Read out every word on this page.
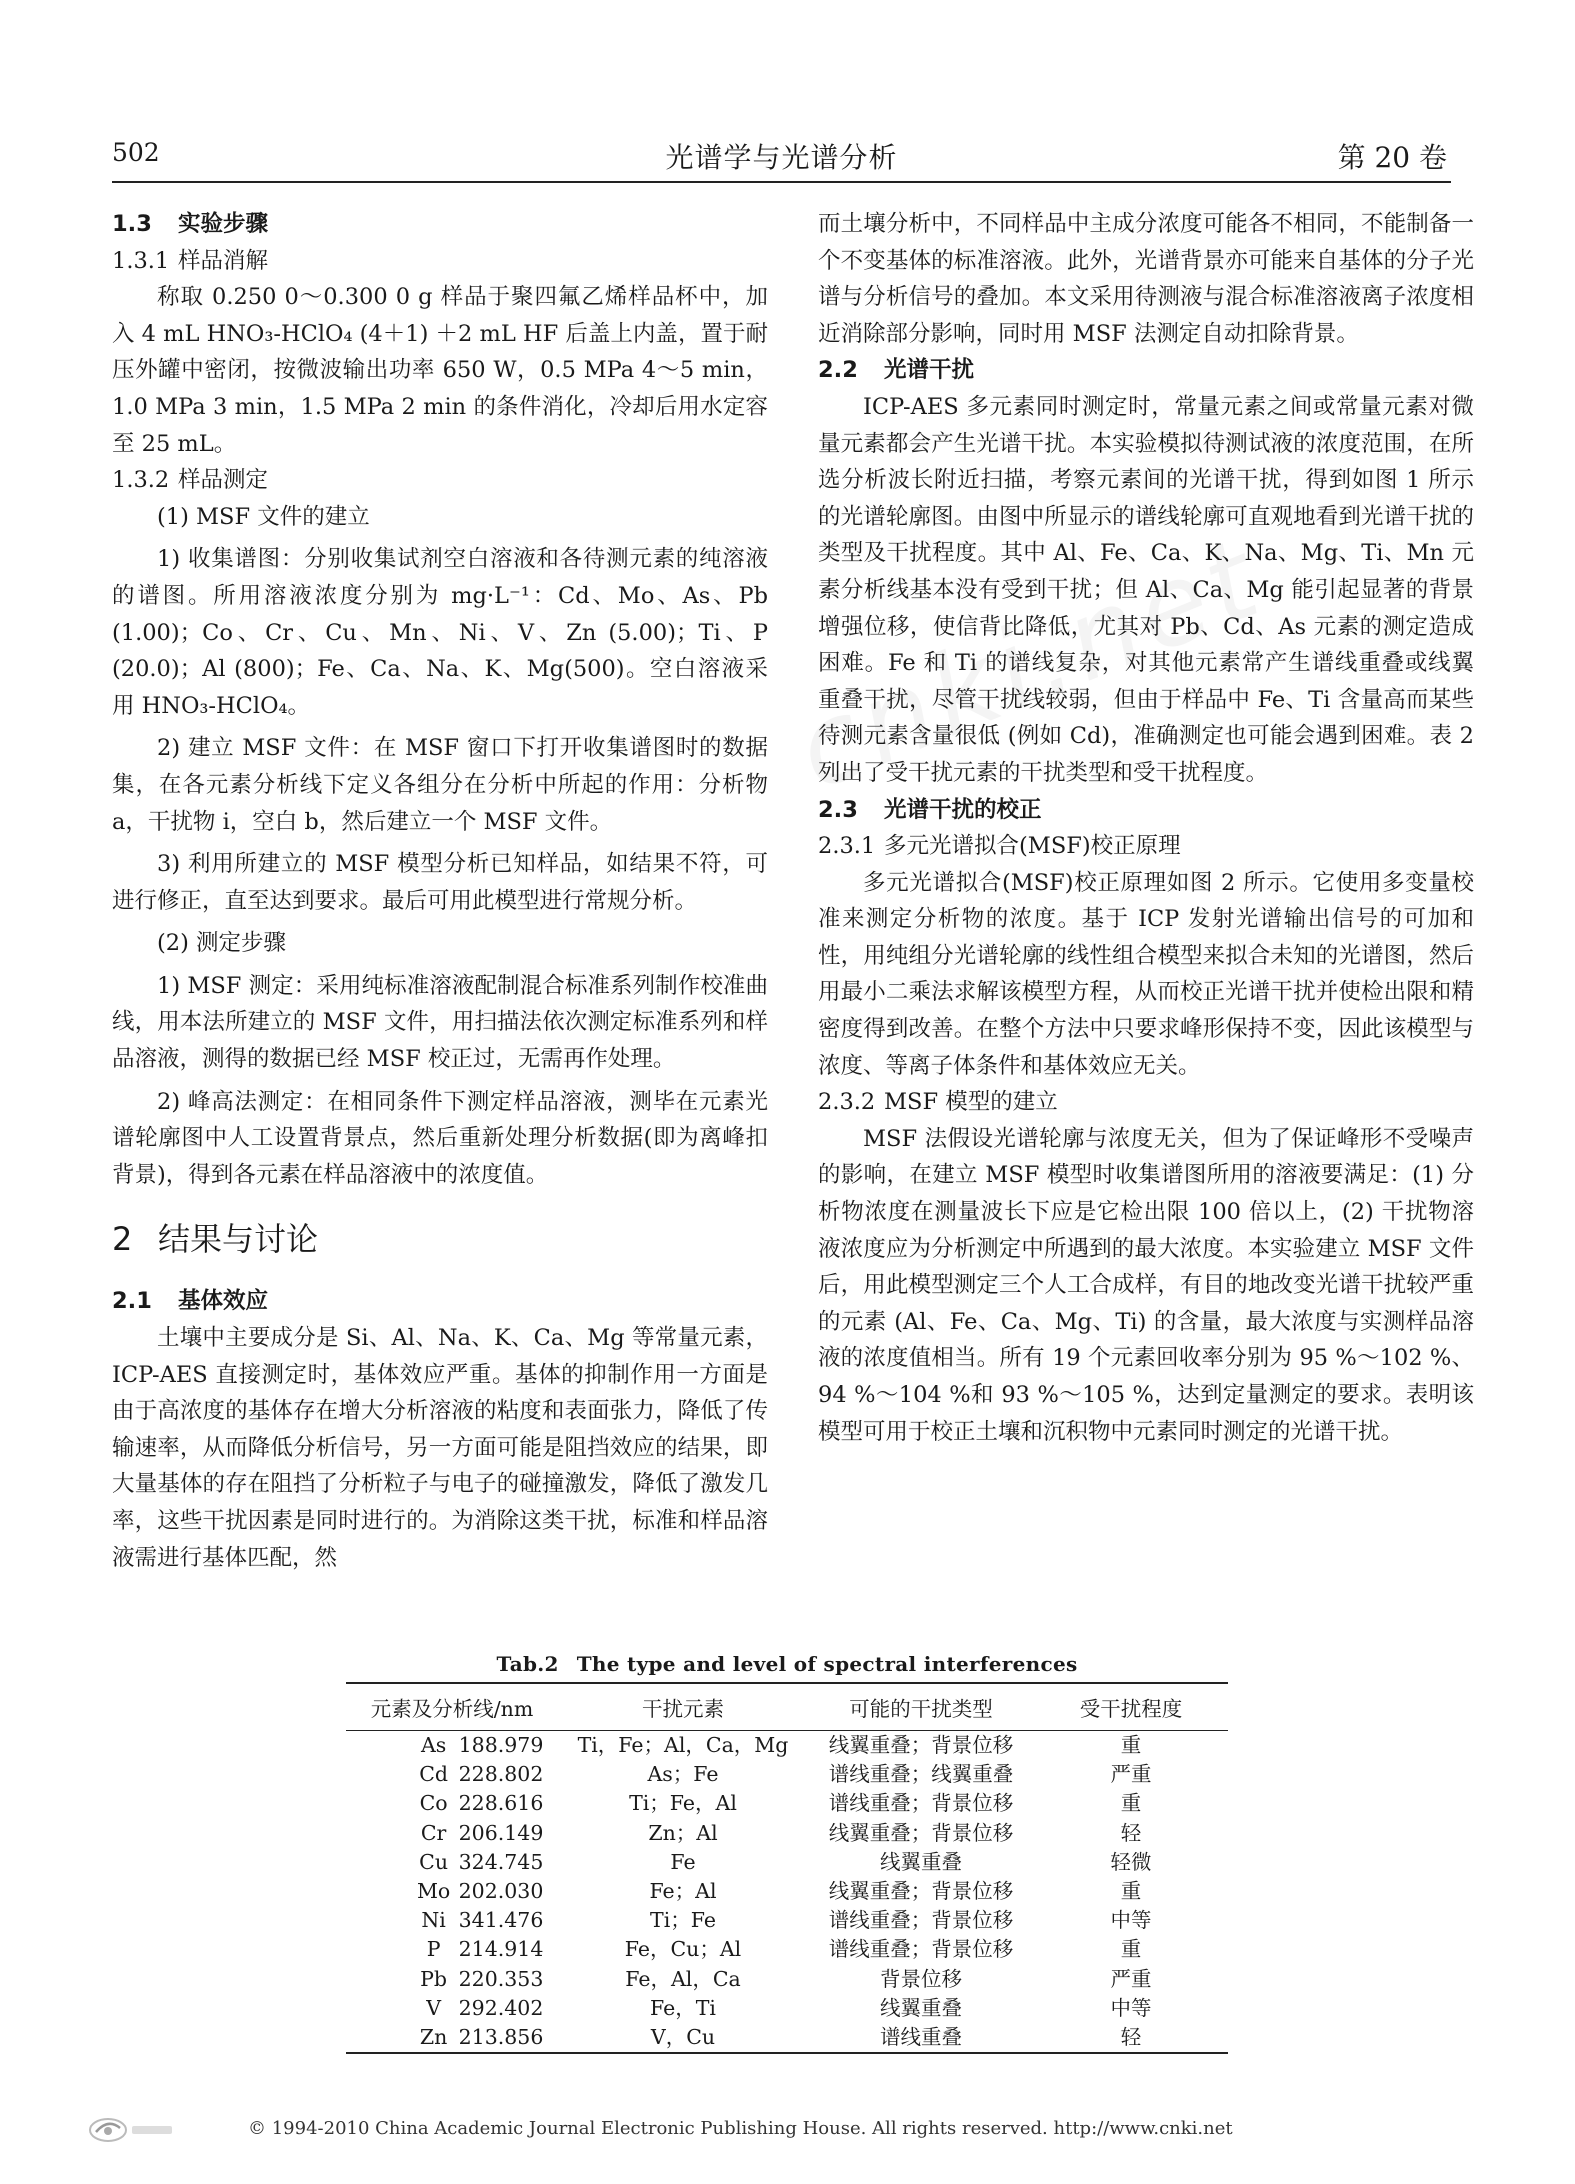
502	光谱学与光谱分析	第 20 卷
1.3 实验步骤
1.3.1 样品消解

称取 0.250 0～0.300 0 g 样品于聚四氟乙烯样品杯中，加入 4 mL HNO₃-HClO₄ (4＋1) ＋2 mL HF 后盖上内盖，置于耐压外罐中密闭，按微波输出功率 650 W，0.5 MPa 4～5 min，1.0 MPa 3 min，1.5 MPa 2 min 的条件消化，冷却后用水定容至 25 mL。

1.3.2 样品测定

(1) MSF 文件的建立

1) 收集谱图：分别收集试剂空白溶液和各待测元素的纯溶液的谱图。所用溶液浓度分别为 mg·L⁻¹：Cd、Mo、As、Pb (1.00)；Co、Cr、Cu、Mn、Ni、V、Zn (5.00)；Ti、P (20.0)；Al (800)；Fe、Ca、Na、K、Mg(500)。空白溶液采用 HNO₃-HClO₄。

2) 建立 MSF 文件：在 MSF 窗口下打开收集谱图时的数据集，在各元素分析线下定义各组分在分析中所起的作用：分析物 a，干扰物 i，空白 b，然后建立一个 MSF 文件。

3) 利用所建立的 MSF 模型分析已知样品，如结果不符，可进行修正，直至达到要求。最后可用此模型进行常规分析。

(2) 测定步骤

1) MSF 测定：采用纯标准溶液配制混合标准系列制作校准曲线，用本法所建立的 MSF 文件，用扫描法依次测定标准系列和样品溶液，测得的数据已经 MSF 校正过，无需再作处理。

2) 峰高法测定：在相同条件下测定样品溶液，测毕在元素光谱轮廓图中人工设置背景点，然后重新处理分析数据(即为离峰扣背景)，得到各元素在样品溶液中的浓度值。

2 结果与讨论
2.1 基体效应

土壤中主要成分是 Si、Al、Na、K、Ca、Mg 等常量元素，ICP-AES 直接测定时，基体效应严重。基体的抑制作用一方面是由于高浓度的基体存在增大分析溶液的粘度和表面张力，降低了传输速率，从而降低分析信号，另一方面可能是阻挡效应的结果，即大量基体的存在阻挡了分析粒子与电子的碰撞激发，降低了激发几率，这些干扰因素是同时进行的。为消除这类干扰，标准和样品溶液需进行基体匹配，然

而土壤分析中，不同样品中主成分浓度可能各不相同，不能制备一个不变基体的标准溶液。此外，光谱背景亦可能来自基体的分子光谱与分析信号的叠加。本文采用待测液与混合标准溶液离子浓度相近消除部分影响，同时用 MSF 法测定自动扣除背景。

2.2 光谱干扰

ICP-AES 多元素同时测定时，常量元素之间或常量元素对微量元素都会产生光谱干扰。本实验模拟待测试液的浓度范围，在所选分析波长附近扫描，考察元素间的光谱干扰，得到如图 1 所示的光谱轮廓图。由图中所显示的谱线轮廓可直观地看到光谱干扰的类型及干扰程度。其中 Al、Fe、Ca、K、Na、Mg、Ti、Mn 元素分析线基本没有受到干扰；但 Al、Ca、Mg 能引起显著的背景增强位移，使信背比降低，尤其对 Pb、Cd、As 元素的测定造成困难。Fe 和 Ti 的谱线复杂，对其他元素常产生谱线重叠或线翼重叠干扰，尽管干扰线较弱，但由于样品中 Fe、Ti 含量高而某些待测元素含量很低 (例如 Cd)，准确测定也可能会遇到困难。表 2 列出了受干扰元素的干扰类型和受干扰程度。

2.3 光谱干扰的校正
2.3.1 多元光谱拟合(MSF)校正原理

多元光谱拟合(MSF)校正原理如图 2 所示。它使用多变量校准来测定分析物的浓度。基于 ICP 发射光谱输出信号的可加和性，用纯组分光谱轮廓的线性组合模型来拟合未知的光谱图，然后用最小二乘法求解该模型方程，从而校正光谱干扰并使检出限和精密度得到改善。在整个方法中只要求峰形保持不变，因此该模型与浓度、等离子体条件和基体效应无关。

2.3.2 MSF 模型的建立

MSF 法假设光谱轮廓与浓度无关，但为了保证峰形不受噪声的影响，在建立 MSF 模型时收集谱图所用的溶液要满足：(1) 分析物浓度在测量波长下应是它检出限 100 倍以上，(2) 干扰物溶液浓度应为分析测定中所遇到的最大浓度。本实验建立 MSF 文件后，用此模型测定三个人工合成样，有目的地改变光谱干扰较严重的元素 (Al、Fe、Ca、Mg、Ti) 的含量，最大浓度与实测样品溶液的浓度值相当。所有 19 个元素回收率分别为 95 %～102 %、94 %～104 %和 93 %～105 %，达到定量测定的要求。表明该模型可用于校正土壤和沉积物中元素同时测定的光谱干扰。

Tab.2 The type and level of spectral interferences
元素及分析线/nm	干扰元素	可能的干扰类型	受干扰程度
As 188.979	Ti，Fe；Al，Ca，Mg	线翼重叠；背景位移	重
Cd 228.802	As；Fe	谱线重叠；线翼重叠	严重
Co 228.616	Ti；Fe，Al	谱线重叠；背景位移	重
Cr 206.149	Zn；Al	线翼重叠；背景位移	轻
Cu 324.745	Fe	线翼重叠	轻微
Mo 202.030	Fe；Al	线翼重叠；背景位移	重
Ni 341.476	Ti；Fe	谱线重叠；背景位移	中等
P 214.914	Fe，Cu；Al	谱线重叠；背景位移	重
Pb 220.353	Fe，Al，Ca	背景位移	严重
V 292.402	Fe，Ti	线翼重叠	中等
Zn 213.856	V，Cu	谱线重叠	轻
© 1994-2010 China Academic Journal Electronic Publishing House. All rights reserved. http://www.cnki.net
